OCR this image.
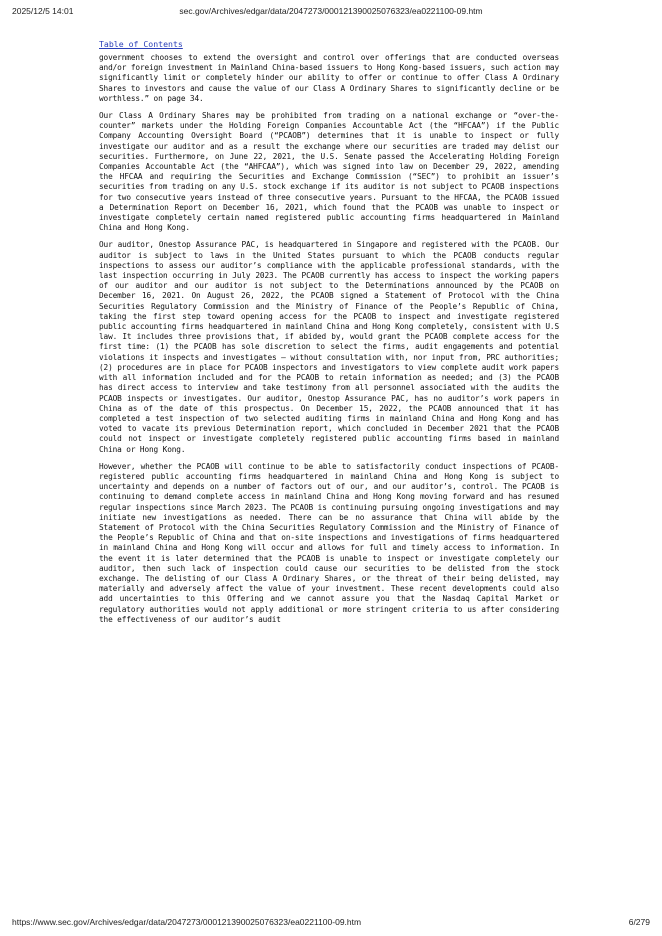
2025/12/5 14:01	sec.gov/Archives/edgar/data/2047273/000121390025076323/ea0221100-09.htm
Table of Contents

government chooses to extend the oversight and control over offerings that are conducted overseas and/or foreign investment in Mainland China-based issuers to Hong Kong-based issuers, such action may significantly limit or completely hinder our ability to offer or continue to offer Class A Ordinary Shares to investors and cause the value of our Class A Ordinary Shares to significantly decline or be worthless.” on page 34.

Our Class A Ordinary Shares may be prohibited from trading on a national exchange or “over-the-counter” markets under the Holding Foreign Companies Accountable Act (the “HFCAA”) if the Public Company Accounting Oversight Board (“PCAOB”) determines that it is unable to inspect or fully investigate our auditor and as a result the exchange where our securities are traded may delist our securities. Furthermore, on June 22, 2021, the U.S. Senate passed the Accelerating Holding Foreign Companies Accountable Act (the “AHFCAA”), which was signed into law on December 29, 2022, amending the HFCAA and requiring the Securities and Exchange Commission (“SEC”) to prohibit an issuer’s securities from trading on any U.S. stock exchange if its auditor is not subject to PCAOB inspections for two consecutive years instead of three consecutive years. Pursuant to the HFCAA, the PCAOB issued a Determination Report on December 16, 2021, which found that the PCAOB was unable to inspect or investigate completely certain named registered public accounting firms headquartered in Mainland China and Hong Kong.

Our auditor, Onestop Assurance PAC, is headquartered in Singapore and registered with the PCAOB. Our auditor is subject to laws in the United States pursuant to which the PCAOB conducts regular inspections to assess our auditor’s compliance with the applicable professional standards, with the last inspection occurring in July 2023. The PCAOB currently has access to inspect the working papers of our auditor and our auditor is not subject to the Determinations announced by the PCAOB on December 16, 2021. On August 26, 2022, the PCAOB signed a Statement of Protocol with the China Securities Regulatory Commission and the Ministry of Finance of the People’s Republic of China, taking the first step toward opening access for the PCAOB to inspect and investigate registered public accounting firms headquartered in mainland China and Hong Kong completely, consistent with U.S law. It includes three provisions that, if abided by, would grant the PCAOB complete access for the first time: (1) the PCAOB has sole discretion to select the firms, audit engagements and potential violations it inspects and investigates — without consultation with, nor input from, PRC authorities; (2) procedures are in place for PCAOB inspectors and investigators to view complete audit work papers with all information included and for the PCAOB to retain information as needed; and (3) the PCAOB has direct access to interview and take testimony from all personnel associated with the audits the PCAOB inspects or investigates. Our auditor, Onestop Assurance PAC, has no auditor’s work papers in China as of the date of this prospectus. On December 15, 2022, the PCAOB announced that it has completed a test inspection of two selected auditing firms in mainland China and Hong Kong and has voted to vacate its previous Determination report, which concluded in December 2021 that the PCAOB could not inspect or investigate completely registered public accounting firms based in mainland China or Hong Kong.

However, whether the PCAOB will continue to be able to satisfactorily conduct inspections of PCAOB-registered public accounting firms headquartered in mainland China and Hong Kong is subject to uncertainty and depends on a number of factors out of our, and our auditor’s, control. The PCAOB is continuing to demand complete access in mainland China and Hong Kong moving forward and has resumed regular inspections since March 2023. The PCAOB is continuing pursuing ongoing investigations and may initiate new investigations as needed. There can be no assurance that China will abide by the Statement of Protocol with the China Securities Regulatory Commission and the Ministry of Finance of the People’s Republic of China and that on-site inspections and investigations of firms headquartered in mainland China and Hong Kong will occur and allows for full and timely access to information. In the event it is later determined that the PCAOB is unable to inspect or investigate completely our auditor, then such lack of inspection could cause our securities to be delisted from the stock exchange. The delisting of our Class A Ordinary Shares, or the threat of their being delisted, may materially and adversely affect the value of your investment. These recent developments could also add uncertainties to this Offering and we cannot assure you that the Nasdaq Capital Market or regulatory authorities would not apply additional or more stringent criteria to us after considering the effectiveness of our auditor’s audit

https://www.sec.gov/Archives/edgar/data/2047273/000121390025076323/ea0221100-09.htm	6/279
